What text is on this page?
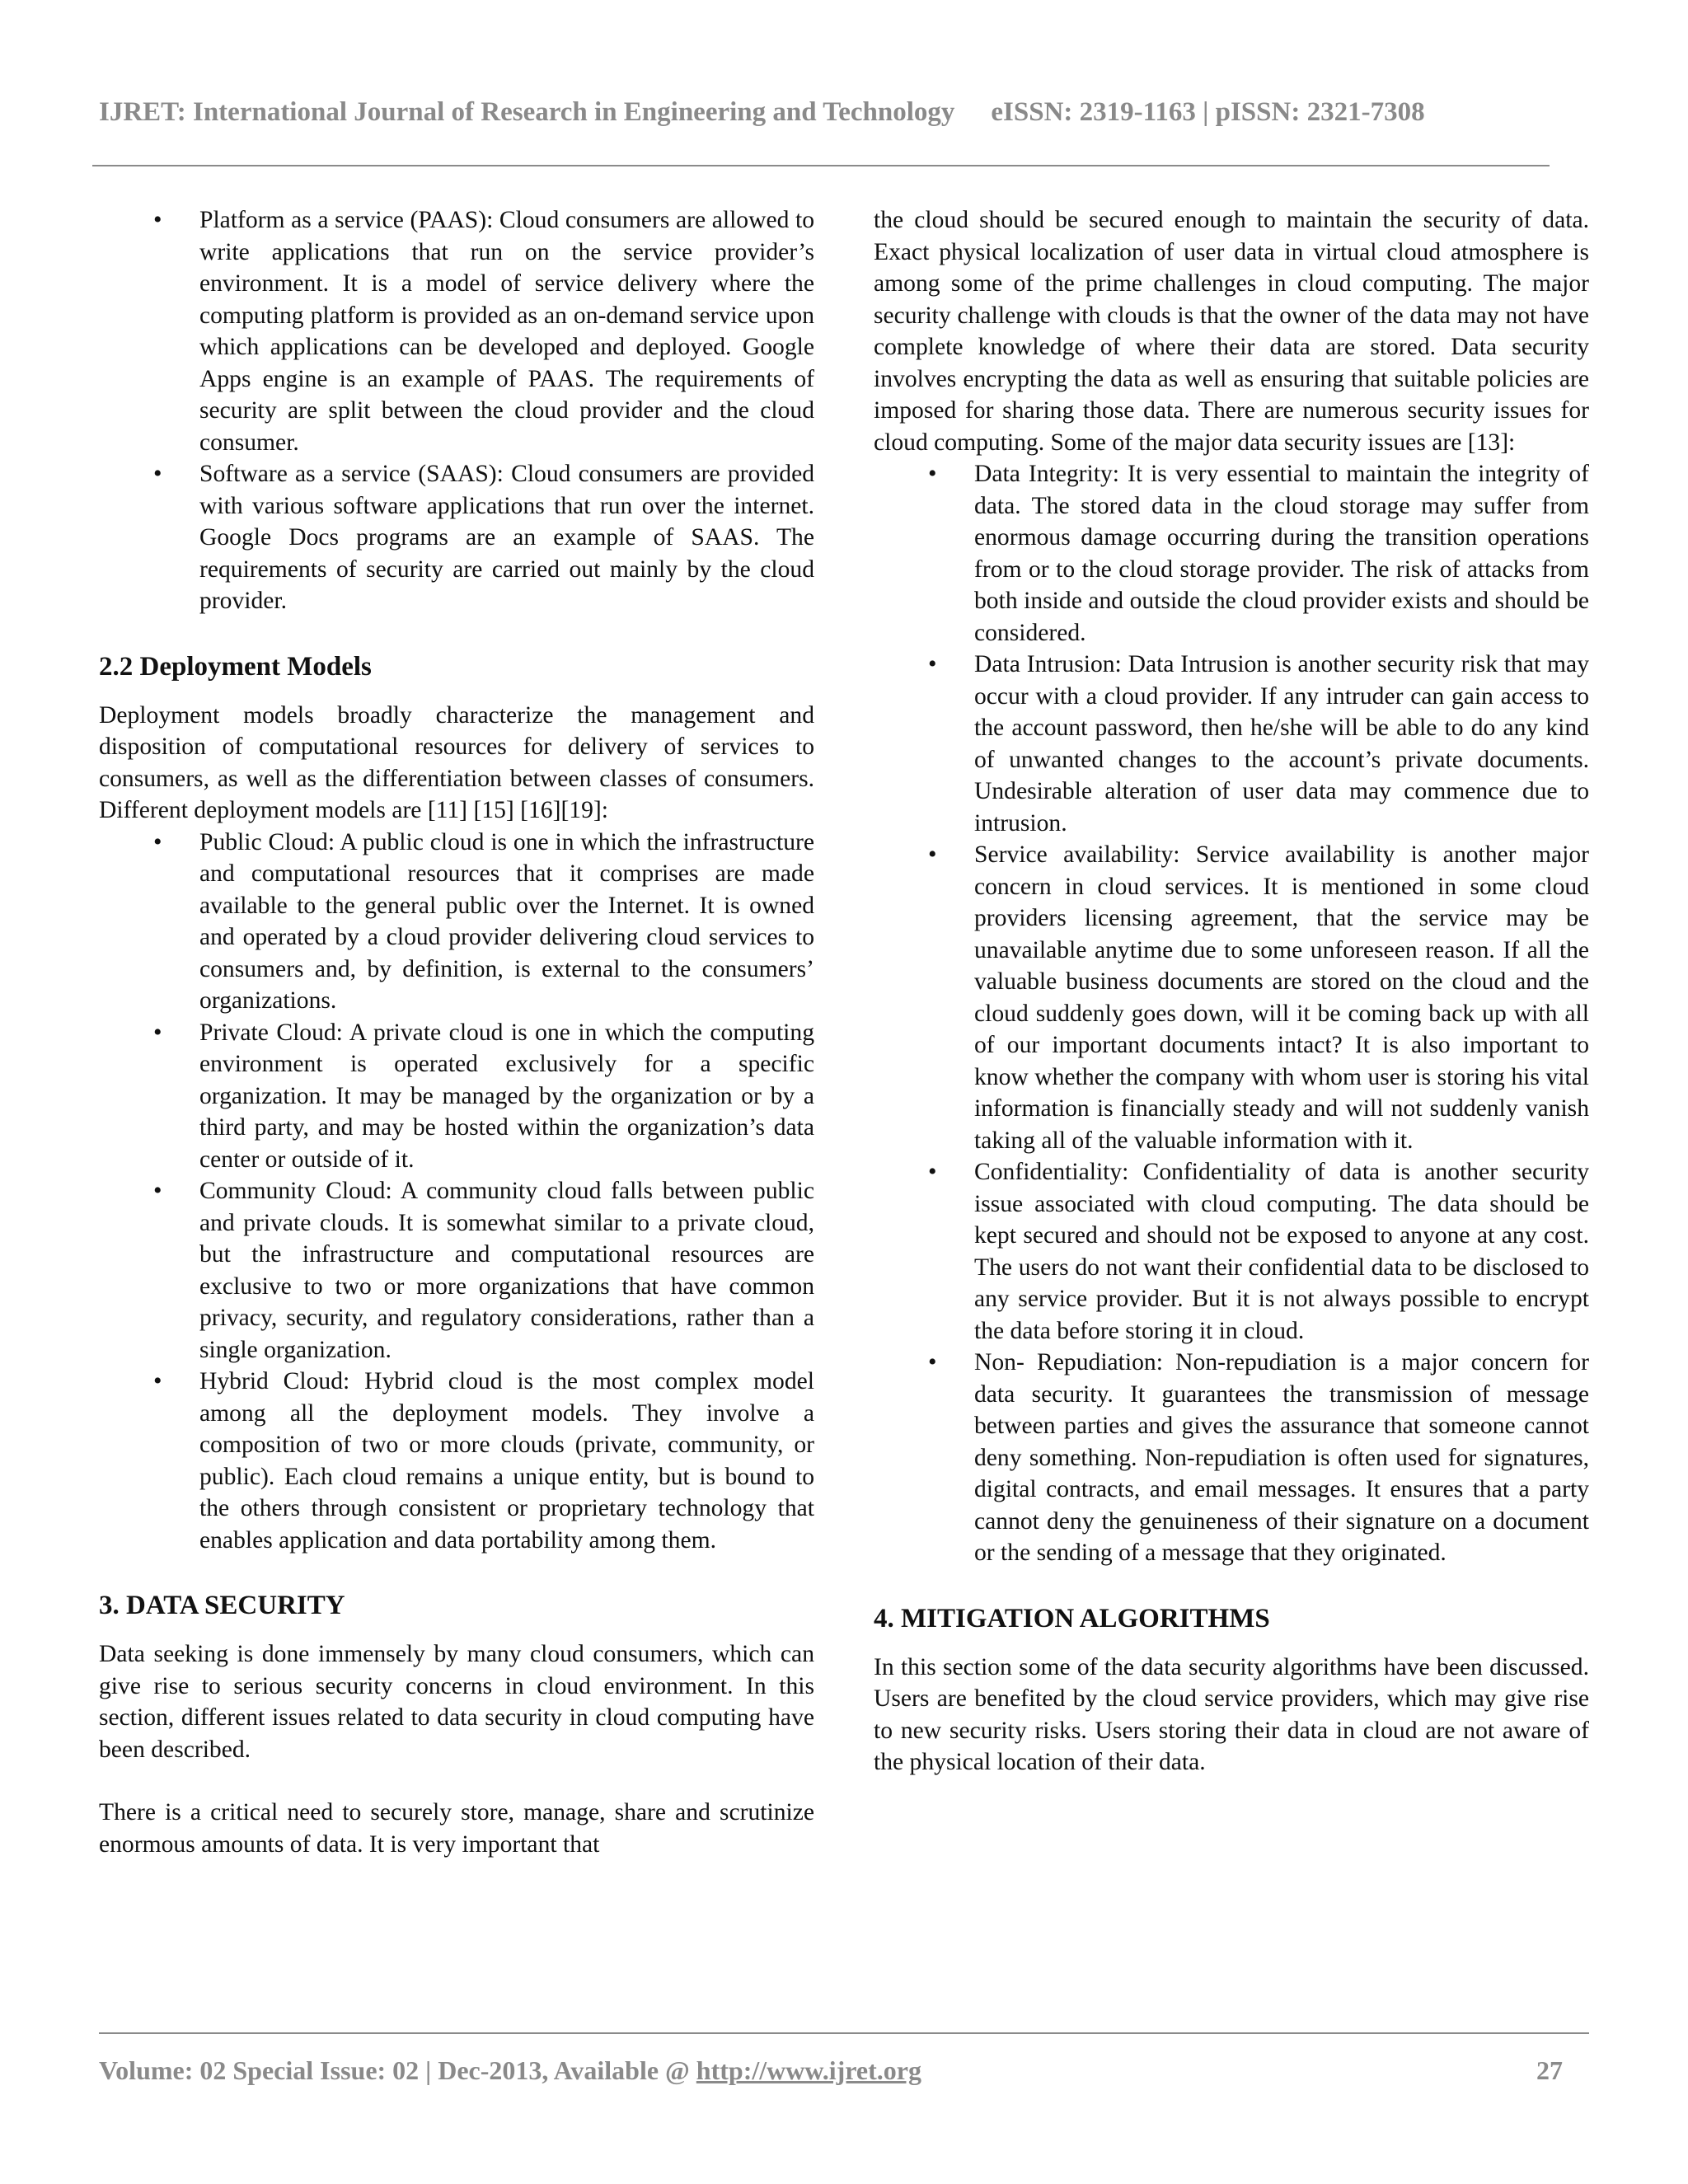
IJRET: International Journal of Research in Engineering and Technology eISSN: 2319-1163 | pISSN: 2321-7308
• Platform as a service (PAAS): Cloud consumers are allowed to write applications that run on the service provider’s environment. It is a model of service delivery where the computing platform is provided as an on-demand service upon which applications can be developed and deployed. Google Apps engine is an example of PAAS. The requirements of security are split between the cloud provider and the cloud consumer.
• Software as a service (SAAS): Cloud consumers are provided with various software applications that run over the internet. Google Docs programs are an example of SAAS. The requirements of security are carried out mainly by the cloud provider.
2.2 Deployment Models

Deployment models broadly characterize the management and disposition of computational resources for delivery of services to consumers, as well as the differentiation between classes of consumers. Different deployment models are [11] [15] [16][19]:

• Public Cloud: A public cloud is one in which the infrastructure and computational resources that it comprises are made available to the general public over the Internet. It is owned and operated by a cloud provider delivering cloud services to consumers and, by definition, is external to the consumers’ organizations.
• Private Cloud: A private cloud is one in which the computing environment is operated exclusively for a specific organization. It may be managed by the organization or by a third party, and may be hosted within the organization’s data center or outside of it.
• Community Cloud: A community cloud falls between public and private clouds. It is somewhat similar to a private cloud, but the infrastructure and computational resources are exclusive to two or more organizations that have common privacy, security, and regulatory considerations, rather than a single organization.
• Hybrid Cloud: Hybrid cloud is the most complex model among all the deployment models. They involve a composition of two or more clouds (private, community, or public). Each cloud remains a unique entity, but is bound to the others through consistent or proprietary technology that enables application and data portability among them.
3. DATA SECURITY

Data seeking is done immensely by many cloud consumers, which can give rise to serious security concerns in cloud environment. In this section, different issues related to data security in cloud computing have been described.

There is a critical need to securely store, manage, share and scrutinize enormous amounts of data. It is very important that

the cloud should be secured enough to maintain the security of data. Exact physical localization of user data in virtual cloud atmosphere is among some of the prime challenges in cloud computing. The major security challenge with clouds is that the owner of the data may not have complete knowledge of where their data are stored. Data security involves encrypting the data as well as ensuring that suitable policies are imposed for sharing those data. There are numerous security issues for cloud computing. Some of the major data security issues are [13]:

• Data Integrity: It is very essential to maintain the integrity of data. The stored data in the cloud storage may suffer from enormous damage occurring during the transition operations from or to the cloud storage provider. The risk of attacks from both inside and outside the cloud provider exists and should be considered.
• Data Intrusion: Data Intrusion is another security risk that may occur with a cloud provider. If any intruder can gain access to the account password, then he/she will be able to do any kind of unwanted changes to the account’s private documents. Undesirable alteration of user data may commence due to intrusion.
• Service availability: Service availability is another major concern in cloud services. It is mentioned in some cloud providers licensing agreement, that the service may be unavailable anytime due to some unforeseen reason. If all the valuable business documents are stored on the cloud and the cloud suddenly goes down, will it be coming back up with all of our important documents intact? It is also important to know whether the company with whom user is storing his vital information is financially steady and will not suddenly vanish taking all of the valuable information with it.
• Confidentiality: Confidentiality of data is another security issue associated with cloud computing. The data should be kept secured and should not be exposed to anyone at any cost. The users do not want their confidential data to be disclosed to any service provider. But it is not always possible to encrypt the data before storing it in cloud.
• Non- Repudiation: Non-repudiation is a major concern for data security. It guarantees the transmission of message between parties and gives the assurance that someone cannot deny something. Non-repudiation is often used for signatures, digital contracts, and email messages. It ensures that a party cannot deny the genuineness of their signature on a document or the sending of a message that they originated.
4. MITIGATION ALGORITHMS

In this section some of the data security algorithms have been discussed. Users are benefited by the cloud service providers, which may give rise to new security risks. Users storing their data in cloud are not aware of the physical location of their data.

Volume: 02 Special Issue: 02 | Dec-2013, Available @ http://www.ijret.org	27
